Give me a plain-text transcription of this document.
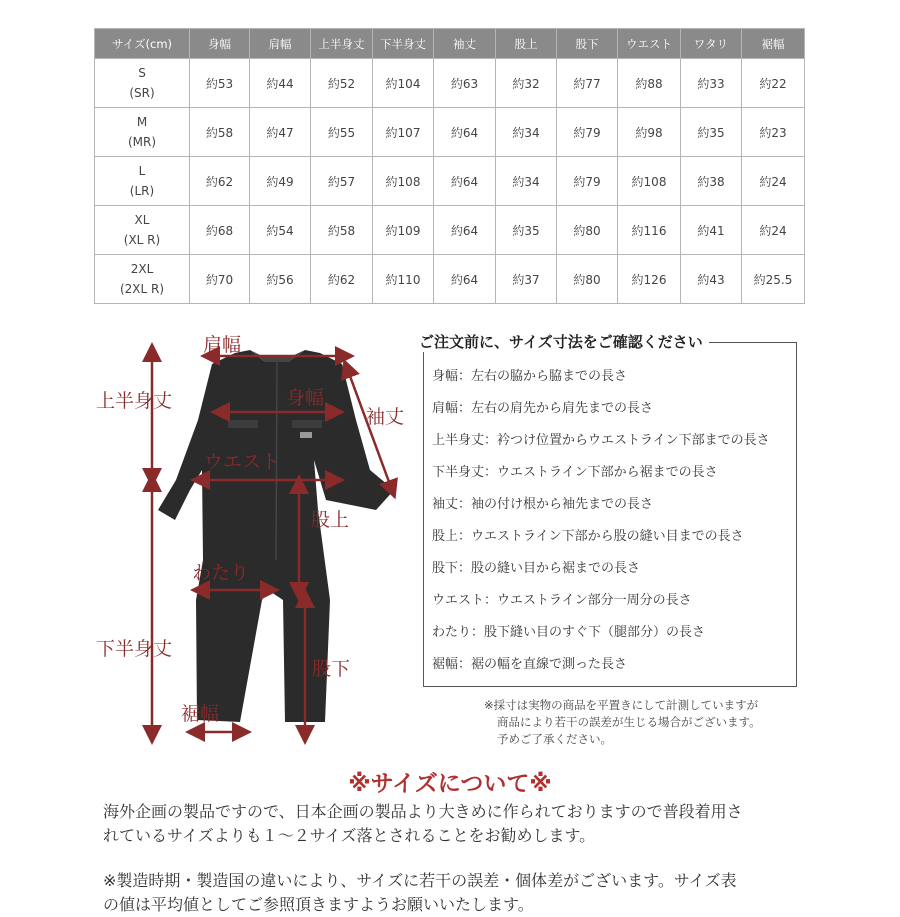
サイズ(cm)	身幅	肩幅	上半身丈	下半身丈	袖丈	股上	股下	ウエスト	ワタリ	裾幅

S
(SR)	約53	約44	約52	約104	約63	約32	約77	約88	約33	約22

M
(MR)	約58	約47	約55	約107	約64	約34	約79	約98	約35	約23

L
(LR)	約62	約49	約57	約108	約64	約34	約79	約108	約38	約24

XL
(XL R)	約68	約54	約58	約109	約64	約35	約80	約116	約41	約24

2XL
(2XL R)	約70	約56	約62	約110	約64	約37	約80	約126	約43	約25.5
肩幅
上半身丈	身幅
袖丈
ウエスト
股上
わたり
下半身丈
股下
裾幅
ご注文前に、サイズ寸法をご確認ください
身幅：左右の脇から脇までの長さ
肩幅：左右の肩先から肩先までの長さ
上半身丈：衿つけ位置からウエストライン下部までの長さ
下半身丈：ウエストライン下部から裾までの長さ
袖丈：袖の付け根から袖先までの長さ
股上：ウエストライン下部から股の縫い目までの長さ
股下：股の縫い目から裾までの長さ
ウエスト：ウエストライン部分一周分の長さ
わたり：股下縫い目のすぐ下（腿部分）の長さ
裾幅：裾の幅を直線で測った長さ
※採寸は実物の商品を平置きにして計測していますが
商品により若干の誤差が生じる場合がございます。
予めご了承ください。
※サイズについて※
海外企画の製品ですので、日本企画の製品より大きめに作られておりますので普段着用さ
れているサイズよりも１～２サイズ落とされることをお勧めします。
※製造時期・製造国の違いにより、サイズに若干の誤差・個体差がございます。サイズ表
の値は平均値としてご参照頂きますようお願いいたします。
